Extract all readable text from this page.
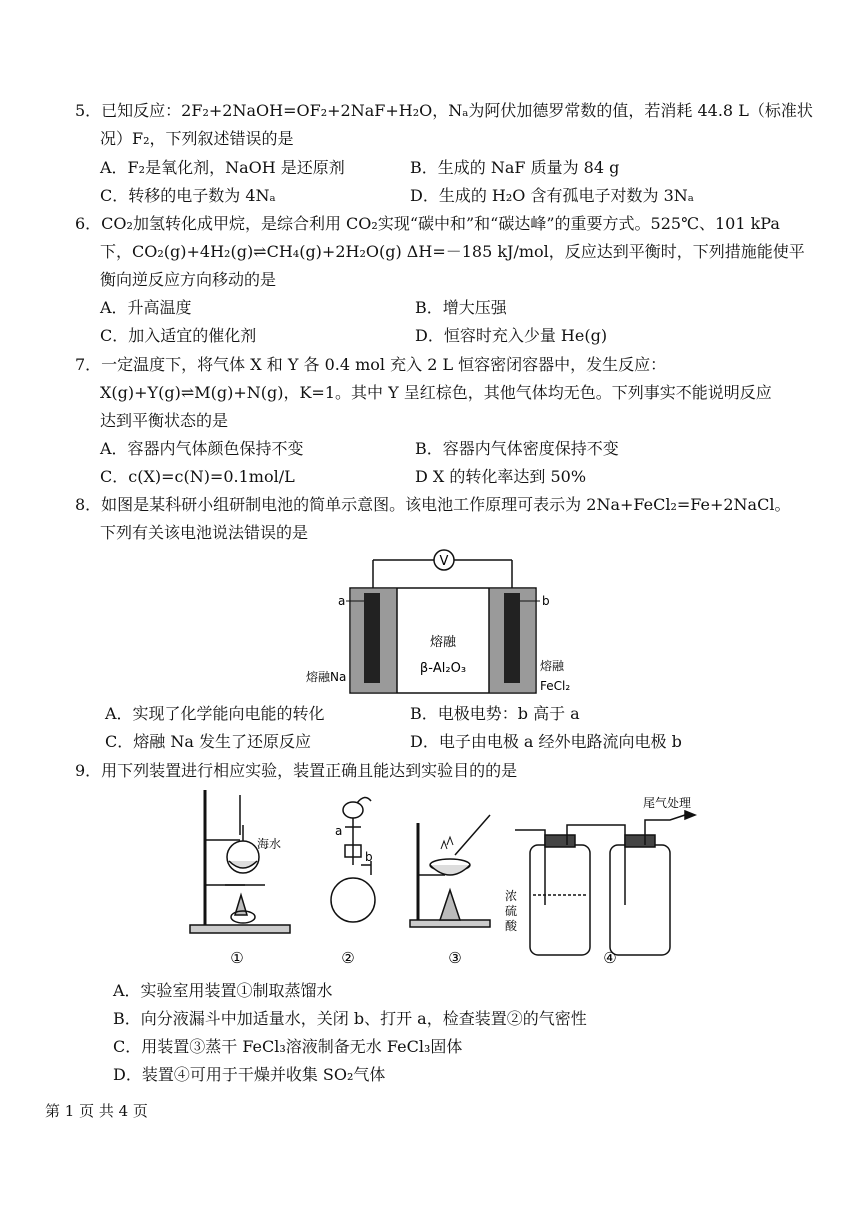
5．已知反应：2F₂+2NaOH=OF₂+2NaF+H₂O，Nₐ为阿伏加德罗常数的值，若消耗 44.8 L（标准状
况）F₂，下列叙述错误的是
A．F₂是氧化剂，NaOH 是还原剂	B．生成的 NaF 质量为 84 g
C．转移的电子数为 4Nₐ	D．生成的 H₂O 含有孤电子对数为 3Nₐ
6．CO₂加氢转化成甲烷，是综合利用 CO₂实现“碳中和”和“碳达峰”的重要方式。525℃、101 kPa
下，CO₂(g)+4H₂(g)⇌CH₄(g)+2H₂O(g) ΔH=－185 kJ/mol，反应达到平衡时，下列措施能使平
衡向逆反应方向移动的是
A．升高温度	B．增大压强
C．加入适宜的催化剂	D．恒容时充入少量 He(g)
7．一定温度下，将气体 X 和 Y 各 0.4 mol 充入 2 L 恒容密闭容器中，发生反应：
X(g)+Y(g)⇌M(g)+N(g)，K=1。其中 Y 呈红棕色，其他气体均无色。下列事实不能说明反应
达到平衡状态的是
A．容器内气体颜色保持不变	B．容器内气体密度保持不变
C．c(X)=c(N)=0.1mol/L	D X 的转化率达到 50%
8．如图是某科研小组研制电池的简单示意图。该电池工作原理可表示为 2Na+FeCl₂=Fe+2NaCl。
下列有关该电池说法错误的是
V
a	b
熔融
β-Al₂O₃
熔融Na
熔融
FeCl₂
A．实现了化学能向电能的转化	B．电极电势：b 高于 a
C．熔融 Na 发生了还原反应	D．电子由电极 a 经外电路流向电极 b
9．用下列装置进行相应实验，装置正确且能达到实验目的的是
海水
a
b
浓
硫
酸
尾气处理
①	②	③	④
A．实验室用装置①制取蒸馏水
B．向分液漏斗中加适量水，关闭 b、打开 a，检查装置②的气密性
C．用装置③蒸干 FeCl₃溶液制备无水 FeCl₃固体
D．装置④可用于干燥并收集 SO₂气体
第 1 页 共 4 页
